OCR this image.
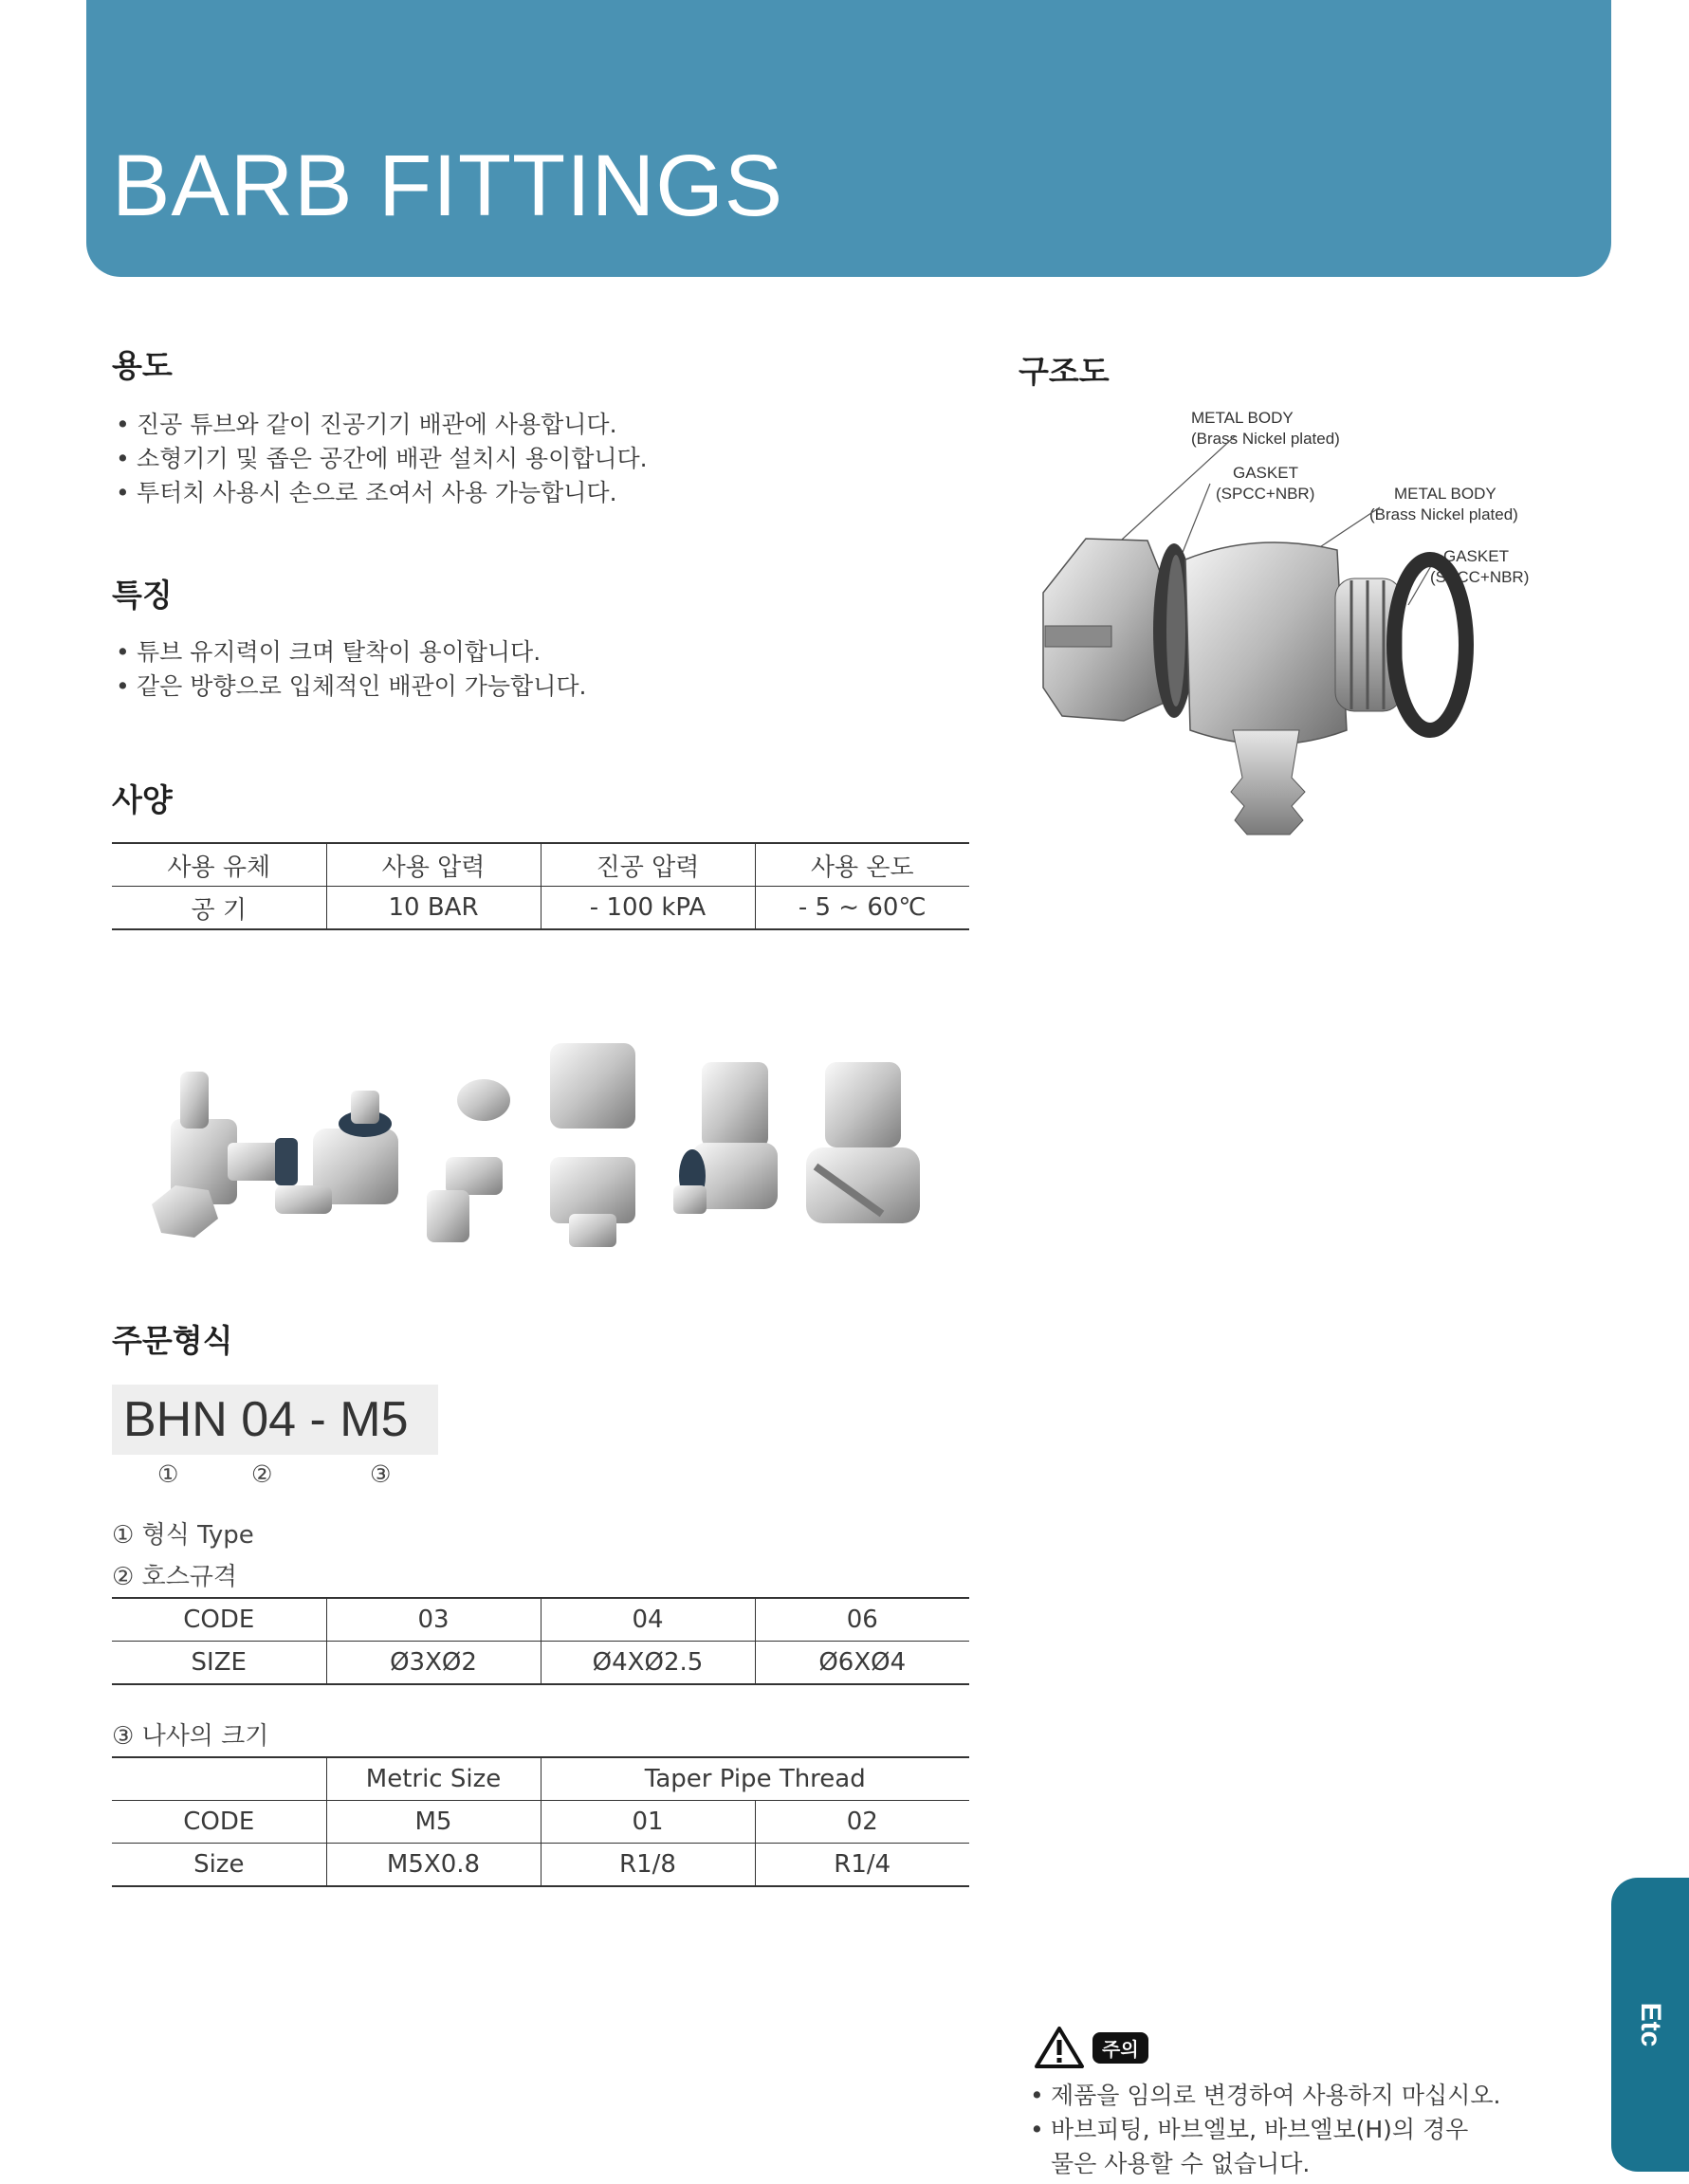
BARB FITTINGS
용도
• 진공 튜브와 같이 진공기기 배관에 사용합니다.
• 소형기기 및 좁은 공간에 배관 설치시 용이합니다.
• 투터치 사용시 손으로 조여서 사용 가능합니다.
특징
• 튜브 유지력이 크며 탈착이 용이합니다.
• 같은 방향으로 입체적인 배관이 가능합니다.
사양
사용 유체	사용 압력	진공 압력	사용 온도
공 기	10 BAR	- 100 kPA	- 5 ~ 60℃
구조도
METAL BODY
(Brass Nickel plated)
GASKET
(SPCC+NBR)	METAL BODY
(Brass Nickel plated)
GASKET
(SPCC+NBR)
주문형식
BHN 04 - M5
①	②	③
① 형식 Type
② 호스규격
CODE	03	04	06
SIZE	Ø3XØ2	Ø4XØ2.5	Ø6XØ4
③ 나사의 크기
	Metric Size	Taper Pipe Thread	
CODE	M5	01	02
Size	M5X0.8	R1/8	R1/4
주의
• 제품을 임의로 변경하여 사용하지 마십시오.
• 바브피팅, 바브엘보, 바브엘보(H)의 경우
물은 사용할 수 없습니다.
Etc
